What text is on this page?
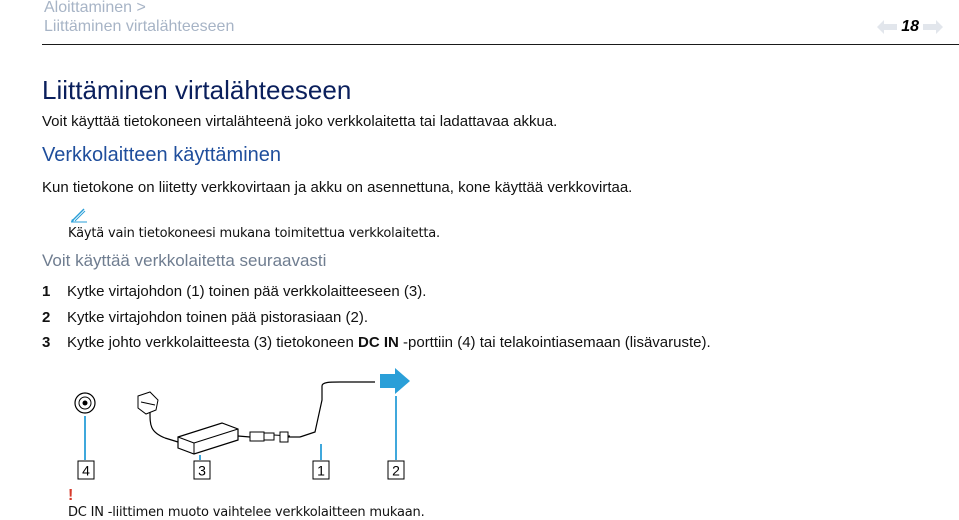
Aloittaminen >
Liittäminen virtalähteeseen	18
Liittäminen virtalähteeseen
Voit käyttää tietokoneen virtalähteenä joko verkkolaitetta tai ladattavaa akkua.
Verkkolaitteen käyttäminen
Kun tietokone on liitetty verkkovirtaan ja akku on asennettuna, kone käyttää verkkovirtaa.
Käytä vain tietokoneesi mukana toimitettua verkkolaitetta.
Voit käyttää verkkolaitetta seuraavasti
1 Kytke virtajohdon (1) toinen pää verkkolaitteeseen (3).
2 Kytke virtajohdon toinen pää pistorasiaan (2).
3 Kytke johto verkkolaitteesta (3) tietokoneen DC IN -porttiin (4) tai telakointiasemaan (lisävaruste).
4	3	1	2
!
DC IN -liittimen muoto vaihtelee verkkolaitteen mukaan.
